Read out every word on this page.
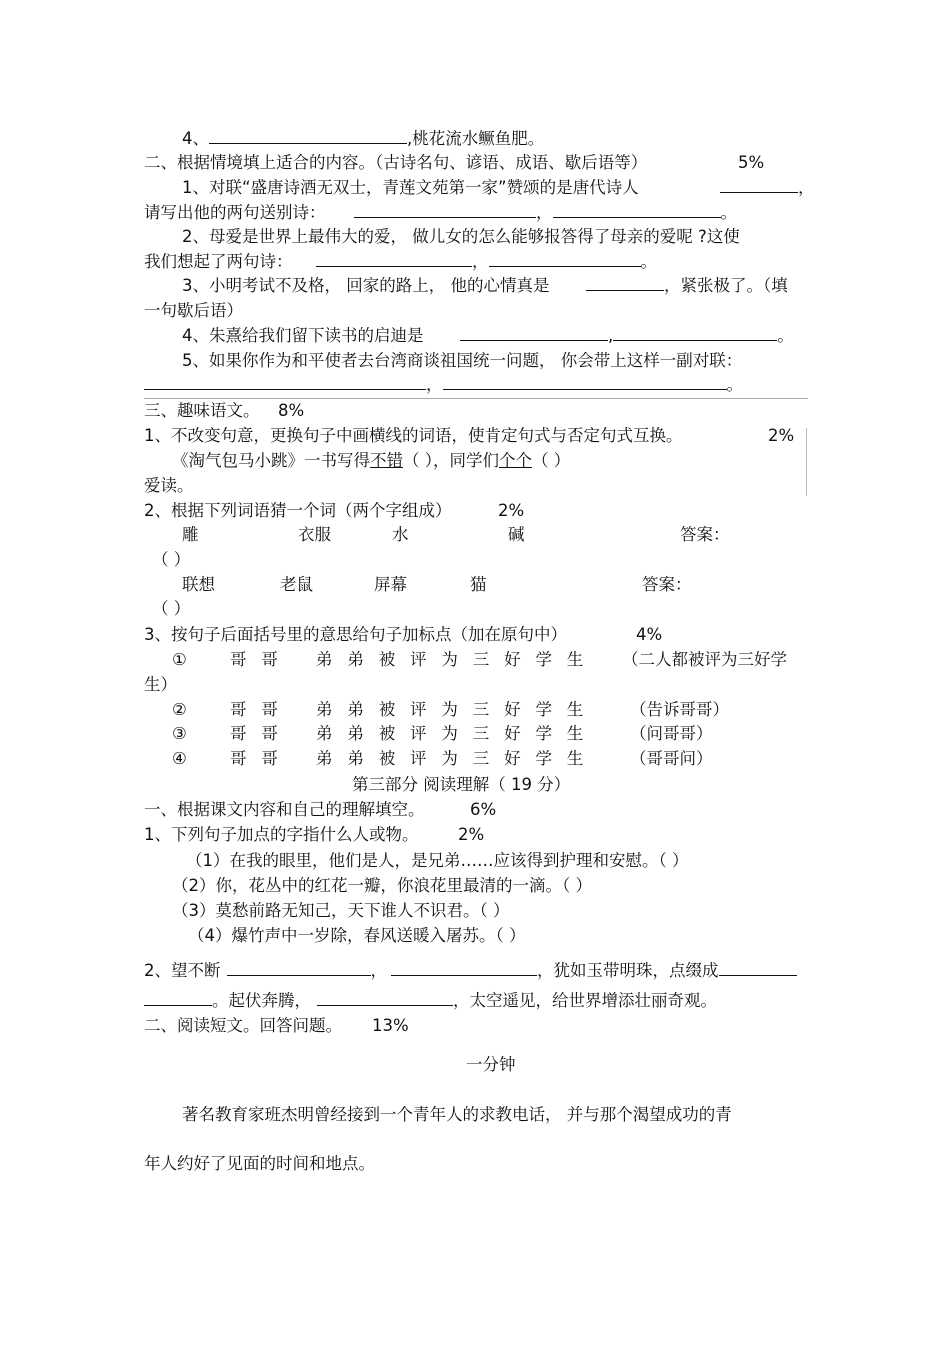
4、	,桃花流水鳜鱼肥。
二、根据情境填上适合的内容。（古诗名句、谚语、成语、歇后语等）	5%
1、对联“盛唐诗酒无双士，青莲文苑第一家”赞颂的是唐代诗人	，
请写出他的两句送别诗：	，	。
2、母爱是世界上最伟大的爱， 做儿女的怎么能够报答得了母亲的爱呢 ?这使
我们想起了两句诗：	，	。
3、小明考试不及格， 回家的路上， 他的心情真是	，紧张极了。（填
一句歇后语）
4、朱熹给我们留下读书的启迪是	,	。
5、如果你作为和平使者去台湾商谈祖国统一问题， 你会带上这样一副对联：
，	。
三、趣味语文。 8%
1、不改变句意，更换句子中画横线的词语，使肯定句式与否定句式互换。	2%
《淘气包马小跳》一书写得不错（ ），同学们个个（ ）
爱读。
2、根据下列词语猜一个词（两个字组成）	2%
雕	衣服	水	碱	答案：
（ ）
联想	老鼠	屏幕	猫	答案：
（ ）
3、按句子后面括号里的意思给句子加标点（加在原句中）	4%
①	哥哥 弟弟被评为三好学生 （二人都被评为三好学
生）
②	哥哥 弟弟被评为三好学生 （告诉哥哥）
③	哥哥 弟弟被评为三好学生 （问哥哥）
④	哥哥 弟弟被评为三好学生 （哥哥问）
第三部分 阅读理解（ 19 分）
一、根据课文内容和自己的理解填空。	6%
1、下列句子加点的字指什么人或物。 2%
（1）在我的眼里，他们是人，是兄弟……应该得到护理和安慰。（ ）
（2）你，花丛中的红花一瓣，你浪花里最清的一滴。（ ）
（3）莫愁前路无知己，天下谁人不识君。（ ）
（4）爆竹声中一岁除，春风送暖入屠苏。（ ）
2、望不断	，	，犹如玉带明珠，点缀成
。起伏奔腾，	，太空遥见，给世界增添壮丽奇观。
二、阅读短文。回答问题。 13%
一分钟
著名教育家班杰明曾经接到一个青年人的求教电话， 并与那个渴望成功的青
年人约好了见面的时间和地点。
